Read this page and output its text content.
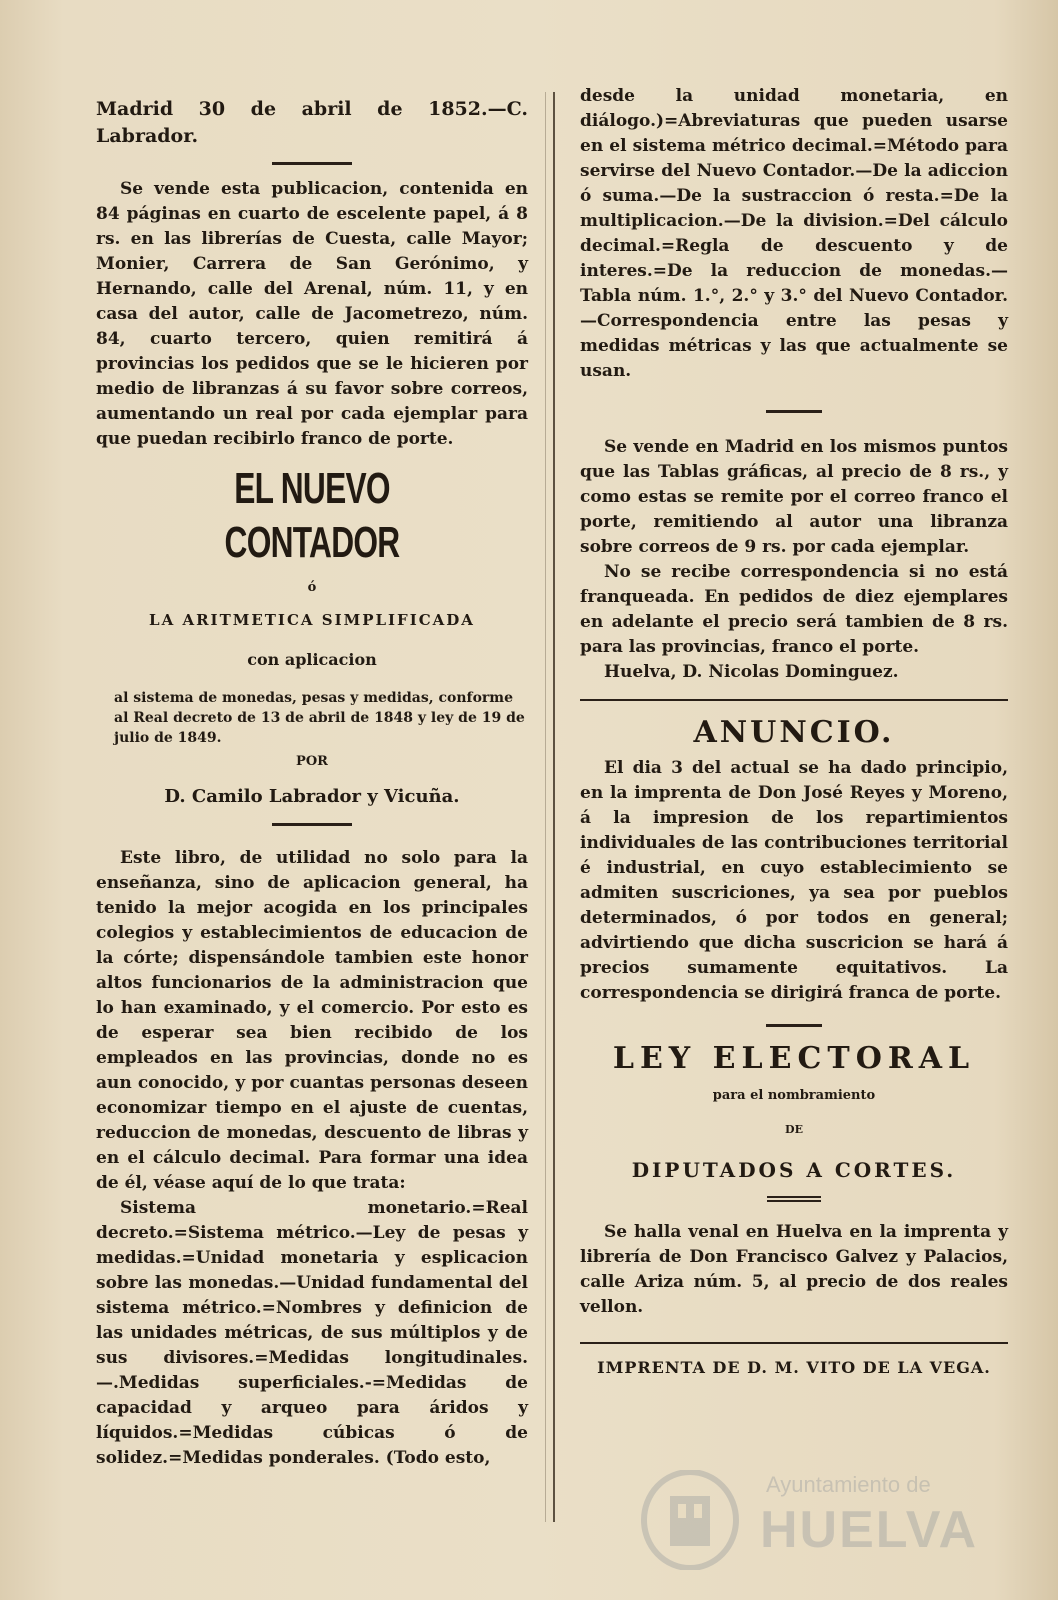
Madrid 30 de abril de 1852.—C. Labrador.

Se vende esta publicacion, contenida en 84 páginas en cuarto de escelente papel, á 8 rs. en las librerías de Cuesta, calle Mayor; Monier, Carrera de San Gerónimo, y Hernando, calle del Arenal, núm. 11, y en casa del autor, calle de Jacometrezo, núm. 84, cuarto tercero, quien remitirá á provincias los pedidos que se le hicieren por medio de libranzas á su favor sobre correos, aumentando un real por cada ejemplar para que puedan recibirlo franco de porte.

EL NUEVO CONTADOR

ó

LA ARITMETICA SIMPLIFICADA

con aplicacion

al sistema de monedas, pesas y medidas, conforme al Real decreto de 13 de abril de 1848 y ley de 19 de julio de 1849.

POR

D. Camilo Labrador y Vicuña.

Este libro, de utilidad no solo para la enseñanza, sino de aplicacion general, ha tenido la mejor acogida en los principales colegios y establecimientos de educacion de la córte; dispensándole tambien este honor altos funcionarios de la administracion que lo han examinado, y el comercio. Por esto es de esperar sea bien recibido de los empleados en las provincias, donde no es aun conocido, y por cuantas personas deseen economizar tiempo en el ajuste de cuentas, reduccion de monedas, descuento de libras y en el cálculo decimal. Para formar una idea de él, véase aquí de lo que trata:

Sistema monetario.=Real decreto.=Sistema métrico.—Ley de pesas y medidas.=Unidad monetaria y esplicacion sobre las monedas.—Unidad fundamental del sistema métrico.=Nombres y definicion de las unidades métricas, de sus múltiplos y de sus divisores.=Medidas longitudinales.—.Medidas superficiales.-=Medidas de capacidad y arqueo para áridos y líquidos.=Medidas cúbicas ó de solidez.=Medidas ponderales. (Todo esto,

desde la unidad monetaria, en diálogo.)=Abreviaturas que pueden usarse en el sistema métrico decimal.=Método para servirse del Nuevo Contador.—De la adiccion ó suma.—De la sustraccion ó resta.=De la multiplicacion.—De la division.=Del cálculo decimal.=Regla de descuento y de interes.=De la reduccion de monedas.—Tabla núm. 1.°, 2.° y 3.° del Nuevo Contador.—Correspondencia entre las pesas y medidas métricas y las que actualmente se usan.

Se vende en Madrid en los mismos puntos que las Tablas gráficas, al precio de 8 rs., y como estas se remite por el correo franco el porte, remitiendo al autor una libranza sobre correos de 9 rs. por cada ejemplar.

No se recibe correspondencia si no está franqueada. En pedidos de diez ejemplares en adelante el precio será tambien de 8 rs. para las provincias, franco el porte.

Huelva, D. Nicolas Dominguez.

ANUNCIO.

El dia 3 del actual se ha dado principio, en la imprenta de Don José Reyes y Moreno, á la impresion de los repartimientos individuales de las contribuciones territorial é industrial, en cuyo establecimiento se admiten suscriciones, ya sea por pueblos determinados, ó por todos en general; advirtiendo que dicha suscricion se hará á precios sumamente equitativos. La correspondencia se dirigirá franca de porte.

LEY ELECTORAL

para el nombramiento

DE

DIPUTADOS A CORTES.

Se halla venal en Huelva en la imprenta y librería de Don Francisco Galvez y Palacios, calle Ariza núm. 5, al precio de dos reales vellon.

IMPRENTA DE D. M. VITO DE LA VEGA.
Ayuntamiento de
HUELVA
